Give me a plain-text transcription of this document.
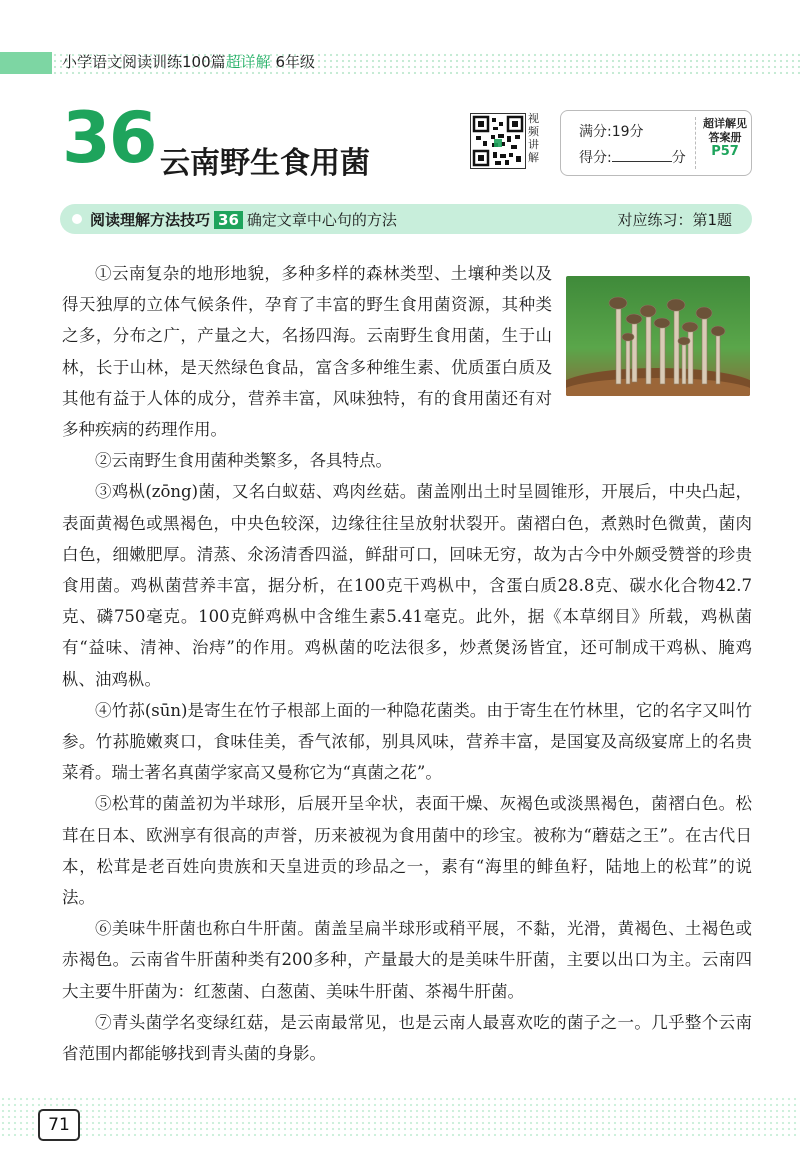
小学语文阅读训练100篇超详解 6年级
36 云南野生食用菌
视频讲解
满分:19分
得分:	分
超详解见
答案册
P57
阅读理解方法技巧 36 确定文章中心句的方法	对应练习：第1题

①云南复杂的地形地貌，多种多样的森林类型、土壤种类以及得天独厚的立体气候条件，孕育了丰富的野生食用菌资源，其种类之多，分布之广，产量之大，名扬四海。云南野生食用菌，生于山林，长于山林，是天然绿色食品，富含多种维生素、优质蛋白质及其他有益于人体的成分，营养丰富，风味独特，有的食用菌还有对多种疾病的药理作用。

②云南野生食用菌种类繁多，各具特点。

③鸡枞(zōng)菌，又名白蚁菇、鸡肉丝菇。菌盖刚出土时呈圆锥形，开展后，中央凸起，表面黄褐色或黑褐色，中央色较深，边缘往往呈放射状裂开。菌褶白色，煮熟时色微黄，菌肉白色，细嫩肥厚。清蒸、氽汤清香四溢，鲜甜可口，回味无穷，故为古今中外颇受赞誉的珍贵食用菌。鸡枞菌营养丰富，据分析，在100克干鸡枞中，含蛋白质28.8克、碳水化合物42.7克、磷750毫克。100克鲜鸡枞中含维生素5.41毫克。此外，据《本草纲目》所载，鸡枞菌有“益味、清神、治痔”的作用。鸡枞菌的吃法很多，炒煮煲汤皆宜，还可制成干鸡枞、腌鸡枞、油鸡枞。

④竹荪(sūn)是寄生在竹子根部上面的一种隐花菌类。由于寄生在竹林里，它的名字又叫竹参。竹荪脆嫩爽口，食味佳美，香气浓郁，别具风味，营养丰富，是国宴及高级宴席上的名贵菜肴。瑞士著名真菌学家高又曼称它为“真菌之花”。

⑤松茸的菌盖初为半球形，后展开呈伞状，表面干燥、灰褐色或淡黑褐色，菌褶白色。松茸在日本、欧洲享有很高的声誉，历来被视为食用菌中的珍宝。被称为“蘑菇之王”。在古代日本，松茸是老百姓向贵族和天皇进贡的珍品之一，素有“海里的鲱鱼籽，陆地上的松茸”的说法。

⑥美味牛肝菌也称白牛肝菌。菌盖呈扁半球形或稍平展，不黏，光滑，黄褐色、土褐色或赤褐色。云南省牛肝菌种类有200多种，产量最大的是美味牛肝菌，主要以出口为主。云南四大主要牛肝菌为：红葱菌、白葱菌、美味牛肝菌、茶褐牛肝菌。

⑦青头菌学名变绿红菇，是云南最常见，也是云南人最喜欢吃的菌子之一。几乎整个云南省范围内都能够找到青头菌的身影。

71
